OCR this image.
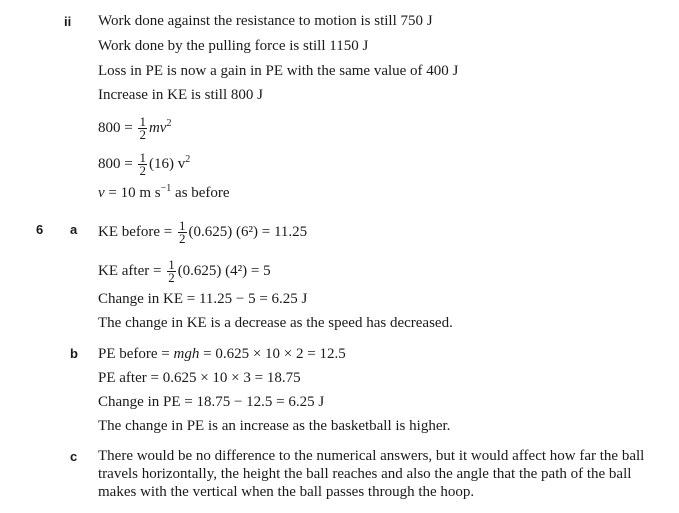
ii Work done against the resistance to motion is still 750 J
Work done by the pulling force is still 1150 J
Loss in PE is now a gain in PE with the same value of 400 J
Increase in KE is still 800 J
$800 = \frac{1}{2} mv^2$
$800 = \frac{1}{2} (16)$ $v^2$
v = 10 m $s^{-1}$ as before
6 a KE before = $\frac{1}{2} (0.625) (6^2) = 11.25$
KE after = $\frac{1}{2} (0.625) (4^2) = 5$
Change in KE = 11.25 − 5 = 6.25 J
The change in KE is a decrease as the speed has decreased.
b PE before = mgh = 0.625 × 10 × 2 = 12.5
PE after = 0.625 × 10 × 3 = 18.75
Change in PE = 18.75 − 12.5 = 6.25 J
The change in PE is an increase as the basketball is higher.
c There would be no difference to the numerical answers, but it would affect how far the ball travels horizontally, the height the ball reaches and also the angle that the path of the ball makes with the vertical when the ball passes through the hoop.
